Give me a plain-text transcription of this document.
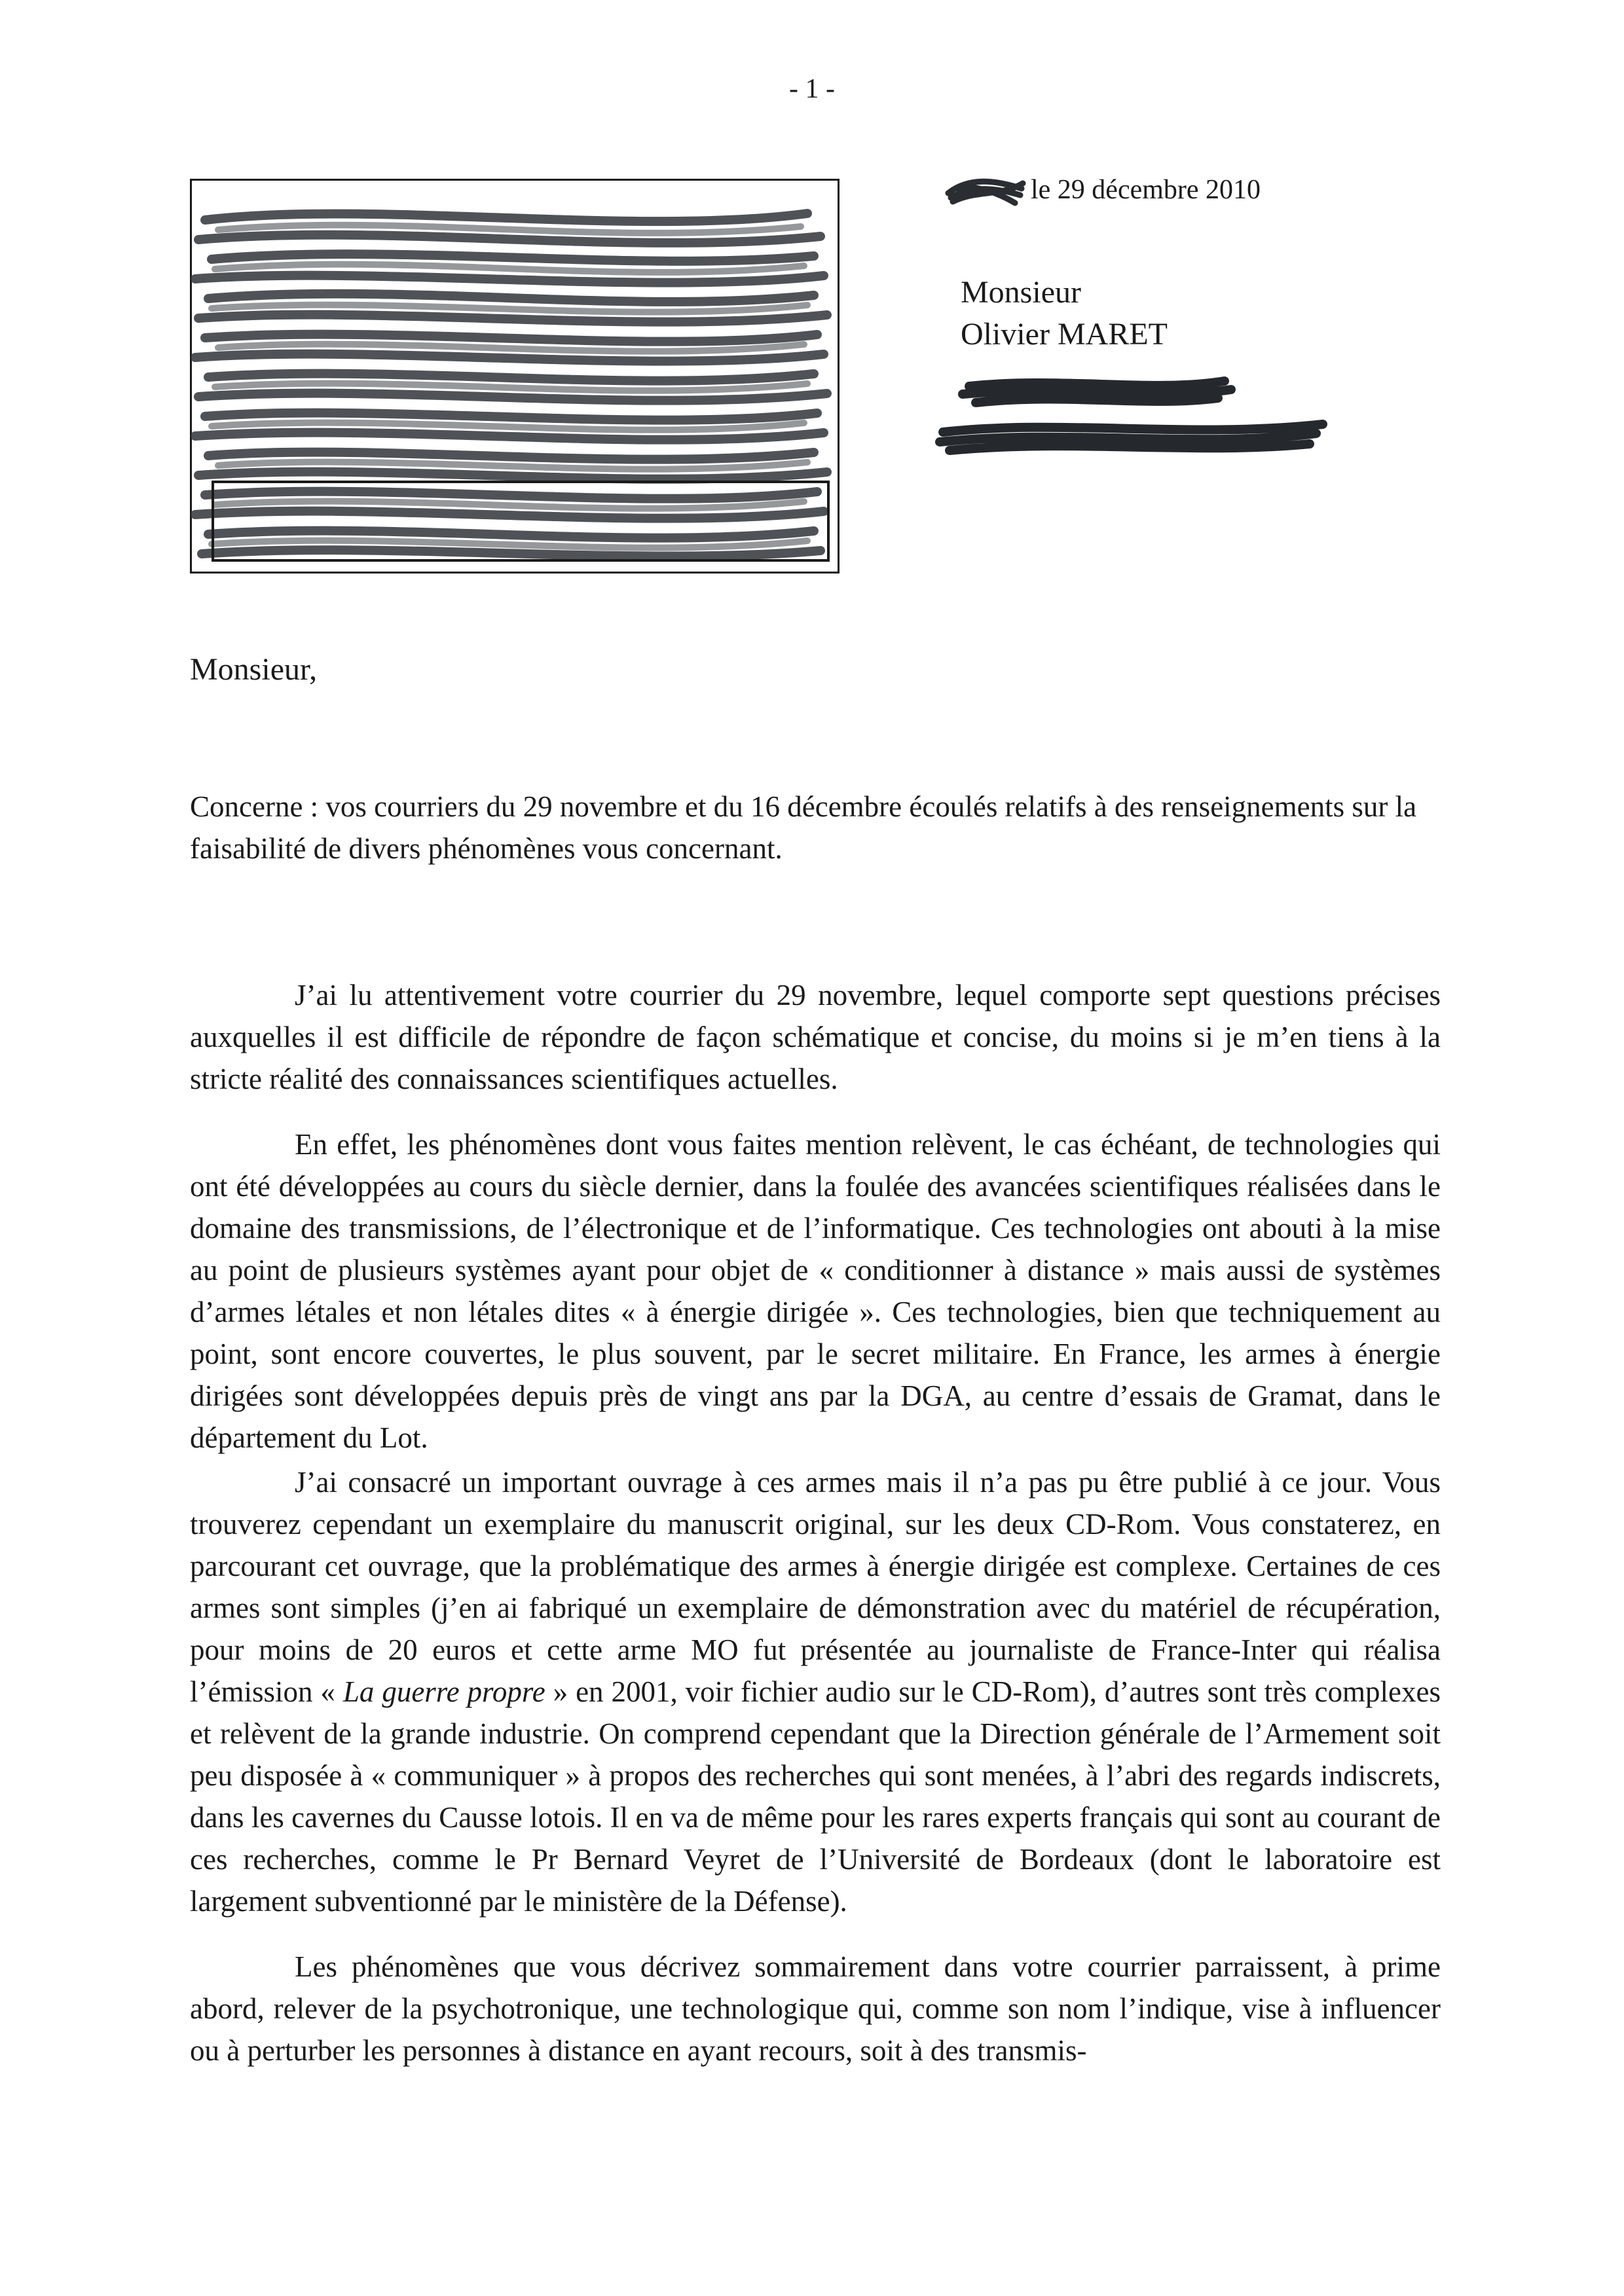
- 1 -
le 29 décembre 2010
Monsieur
Olivier MARET
Monsieur,
Concerne : vos courriers du 29 novembre et du 16 décembre écoulés relatifs à des renseignements sur la faisabilité de divers phénomènes vous concernant.

J’ai lu attentivement votre courrier du 29 novembre, lequel comporte sept questions précises auxquelles il est difficile de répondre de façon schématique et concise, du moins si je m’en tiens à la stricte réalité des connaissances scientifiques actuelles.

En effet, les phénomènes dont vous faites mention relèvent, le cas échéant, de technologies qui ont été développées au cours du siècle dernier, dans la foulée des avancées scientifiques réalisées dans le domaine des transmissions, de l’électronique et de l’informatique. Ces technologies ont abouti à la mise au point de plusieurs systèmes ayant pour objet de « conditionner à distance » mais aussi de systèmes d’armes létales et non létales dites « à énergie dirigée ». Ces technologies, bien que techniquement au point, sont encore couvertes, le plus souvent, par le secret militaire. En France, les armes à énergie dirigées sont développées depuis près de vingt ans par la DGA, au centre d’essais de Gramat, dans le département du Lot.

J’ai consacré un important ouvrage à ces armes mais il n’a pas pu être publié à ce jour. Vous trouverez cependant un exemplaire du manuscrit original, sur les deux CD-Rom. Vous constaterez, en parcourant cet ouvrage, que la problématique des armes à énergie dirigée est complexe. Certaines de ces armes sont simples (j’en ai fabriqué un exemplaire de démonstration avec du matériel de récupération, pour moins de 20 euros et cette arme MO fut présentée au journaliste de France-Inter qui réalisa l’émission « La guerre propre » en 2001, voir fichier audio sur le CD-Rom), d’autres sont très complexes et relèvent de la grande industrie. On comprend cependant que la Direction générale de l’Armement soit peu disposée à « communiquer » à propos des recherches qui sont menées, à l’abri des regards indiscrets, dans les cavernes du Causse lotois. Il en va de même pour les rares experts français qui sont au courant de ces recherches, comme le Pr Bernard Veyret de l’Université de Bordeaux (dont le laboratoire est largement subventionné par le ministère de la Défense).

Les phénomènes que vous décrivez sommairement dans votre courrier parraissent, à prime abord, relever de la psychotronique, une technologique qui, comme son nom l’indique, vise à influencer ou à perturber les personnes à distance en ayant recours, soit à des transmis-
